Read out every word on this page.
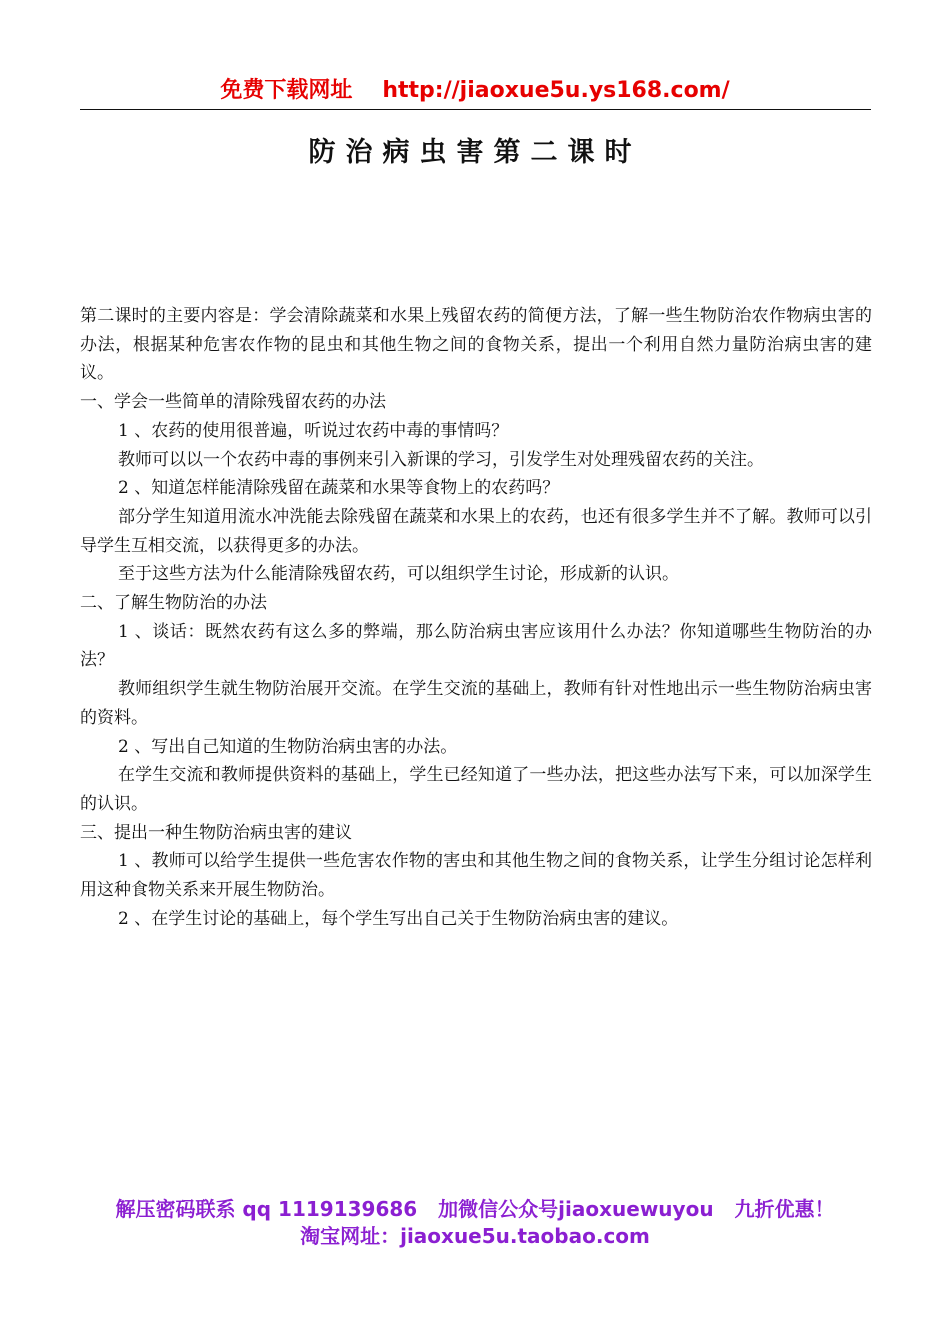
免费下载网址 http://jiaoxue5u.ys168.com/
防治病虫害第二课时

第二课时的主要内容是：学会清除蔬菜和水果上残留农药的简便方法，了解一些生物防治农作物病虫害的办法，根据某种危害农作物的昆虫和其他生物之间的食物关系，提出一个利用自然力量防治病虫害的建议。

一、学会一些简单的清除残留农药的办法

1 、农药的使用很普遍，听说过农药中毒的事情吗？

教师可以以一个农药中毒的事例来引入新课的学习，引发学生对处理残留农药的关注。

2 、知道怎样能清除残留在蔬菜和水果等食物上的农药吗？

部分学生知道用流水冲洗能去除残留在蔬菜和水果上的农药，也还有很多学生并不了解。教师可以引导学生互相交流，以获得更多的办法。

至于这些方法为什么能清除残留农药，可以组织学生讨论，形成新的认识。

二、了解生物防治的办法

1 、谈话：既然农药有这么多的弊端，那么防治病虫害应该用什么办法？你知道哪些生物防治的办法？

教师组织学生就生物防治展开交流。在学生交流的基础上，教师有针对性地出示一些生物防治病虫害的资料。

2 、写出自己知道的生物防治病虫害的办法。

在学生交流和教师提供资料的基础上，学生已经知道了一些办法，把这些办法写下来，可以加深学生的认识。

三、提出一种生物防治病虫害的建议

1 、教师可以给学生提供一些危害农作物的害虫和其他生物之间的食物关系，让学生分组讨论怎样利用这种食物关系来开展生物防治。

2 、在学生讨论的基础上，每个学生写出自己关于生物防治病虫害的建议。

解压密码联系 qq 1119139686 加微信公众号jiaoxuewuyou 九折优惠！
淘宝网址：jiaoxue5u.taobao.com
